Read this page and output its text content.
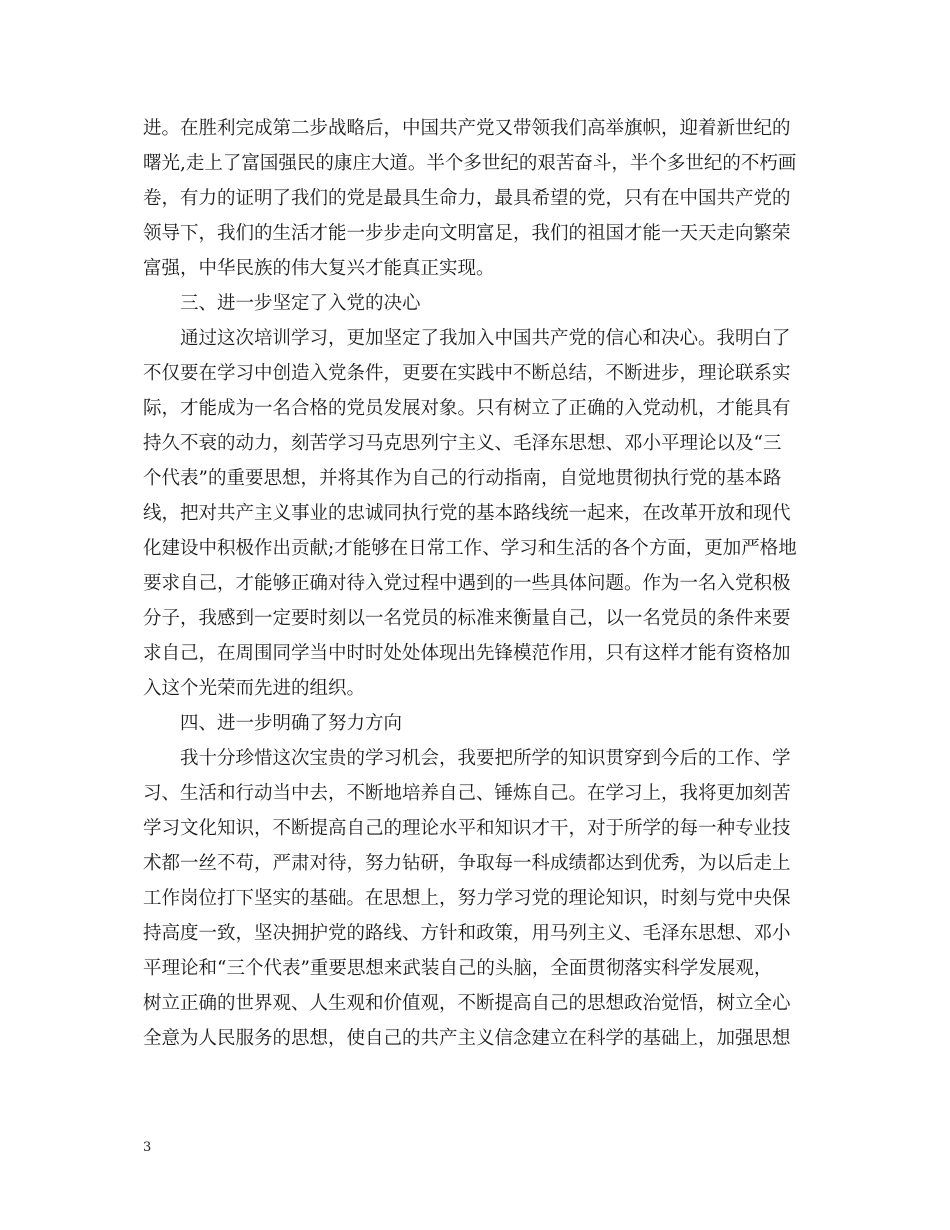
进。在胜利完成第二步战略后，中国共产党又带领我们高举旗帜，迎着新世纪的
曙光,走上了富国强民的康庄大道。半个多世纪的艰苦奋斗，半个多世纪的不朽画
卷，有力的证明了我们的党是最具生命力，最具希望的党，只有在中国共产党的
领导下，我们的生活才能一步步走向文明富足，我们的祖国才能一天天走向繁荣
富强，中华民族的伟大复兴才能真正实现。
三、进一步坚定了入党的决心
通过这次培训学习，更加坚定了我加入中国共产党的信心和决心。我明白了
不仅要在学习中创造入党条件，更要在实践中不断总结，不断进步，理论联系实
际，才能成为一名合格的党员发展对象。只有树立了正确的入党动机，才能具有
持久不衰的动力，刻苦学习马克思列宁主义、毛泽东思想、邓小平理论以及“三
个代表”的重要思想，并将其作为自己的行动指南，自觉地贯彻执行党的基本路
线，把对共产主义事业的忠诚同执行党的基本路线统一起来，在改革开放和现代
化建设中积极作出贡献;才能够在日常工作、学习和生活的各个方面，更加严格地
要求自己，才能够正确对待入党过程中遇到的一些具体问题。作为一名入党积极
分子，我感到一定要时刻以一名党员的标准来衡量自己，以一名党员的条件来要
求自己，在周围同学当中时时处处体现出先锋模范作用，只有这样才能有资格加
入这个光荣而先进的组织。
四、进一步明确了努力方向
我十分珍惜这次宝贵的学习机会，我要把所学的知识贯穿到今后的工作、学
习、生活和行动当中去，不断地培养自己、锤炼自己。在学习上，我将更加刻苦
学习文化知识，不断提高自己的理论水平和知识才干，对于所学的每一种专业技
术都一丝不苟，严肃对待，努力钻研，争取每一科成绩都达到优秀，为以后走上
工作岗位打下坚实的基础。在思想上，努力学习党的理论知识，时刻与党中央保
持高度一致，坚决拥护党的路线、方针和政策，用马列主义、毛泽东思想、邓小
平理论和“三个代表”重要思想来武装自己的头脑，全面贯彻落实科学发展观，
树立正确的世界观、人生观和价值观，不断提高自己的思想政治觉悟，树立全心
全意为人民服务的思想，使自己的共产主义信念建立在科学的基础上，加强思想
3
